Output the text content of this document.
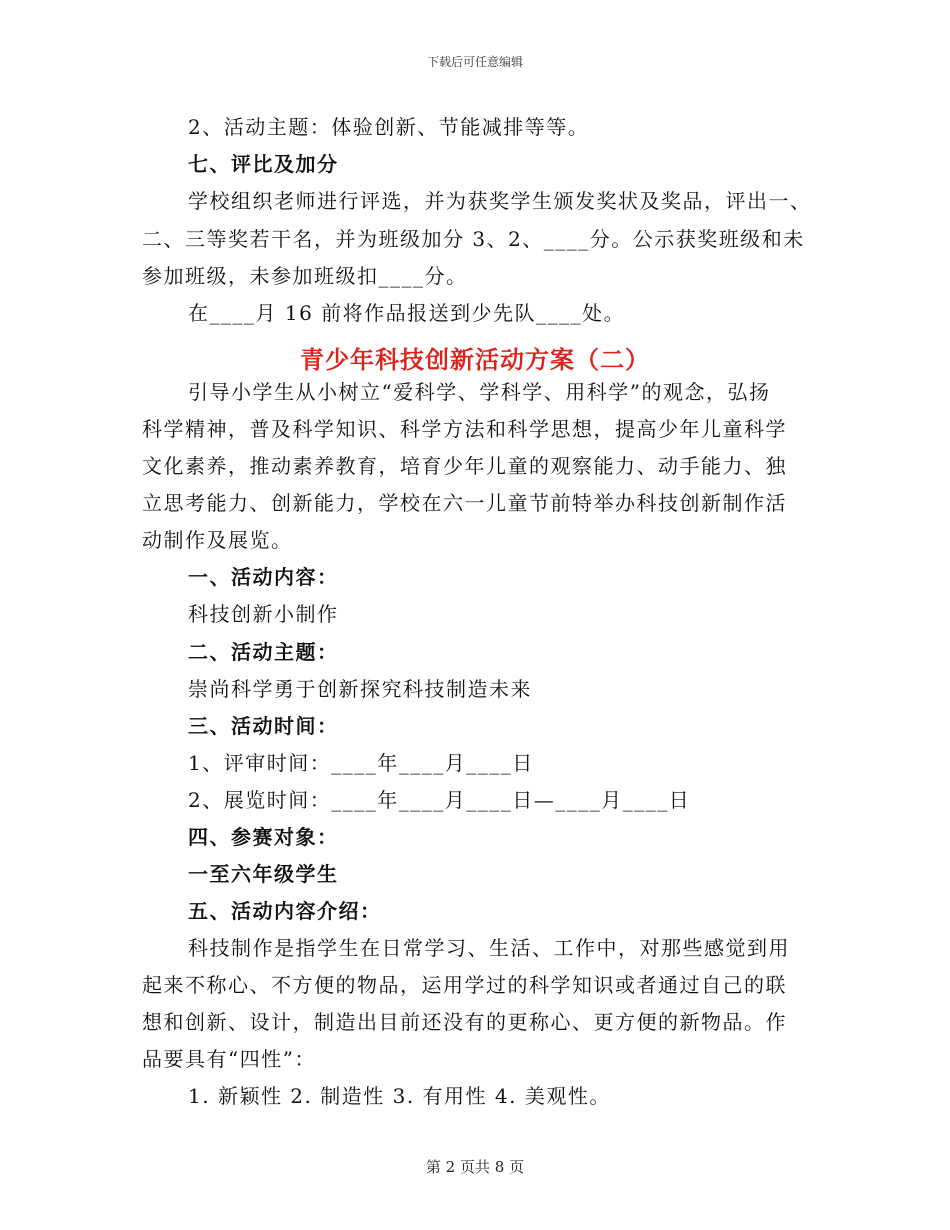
下载后可任意编辑
2、活动主题：体验创新、节能减排等等。
七、评比及加分
学校组织老师进行评选，并为获奖学生颁发奖状及奖品，评出一、
二、三等奖若干名，并为班级加分 3、2、____分。公示获奖班级和未
参加班级，未参加班级扣____分。
在____月 16 前将作品报送到少先队____处。
青少年科技创新活动方案（二）
引导小学生从小树立“爱科学、学科学、用科学”的观念，弘扬
科学精神，普及科学知识、科学方法和科学思想，提高少年儿童科学
文化素养，推动素养教育，培育少年儿童的观察能力、动手能力、独
立思考能力、创新能力，学校在六一儿童节前特举办科技创新制作活
动制作及展览。
一、活动内容：
科技创新小制作
二、活动主题：
崇尚科学勇于创新探究科技制造未来
三、活动时间：
1、评审时间：____年____月____日
2、展览时间：____年____月____日—____月____日
四、参赛对象：
一至六年级学生
五、活动内容介绍：
科技制作是指学生在日常学习、生活、工作中，对那些感觉到用
起来不称心、不方便的物品，运用学过的科学知识或者通过自己的联
想和创新、设计，制造出目前还没有的更称心、更方便的新物品。作
品要具有“四性”：
1. 新颖性 2. 制造性 3. 有用性 4. 美观性。
第 2 页共 8 页
